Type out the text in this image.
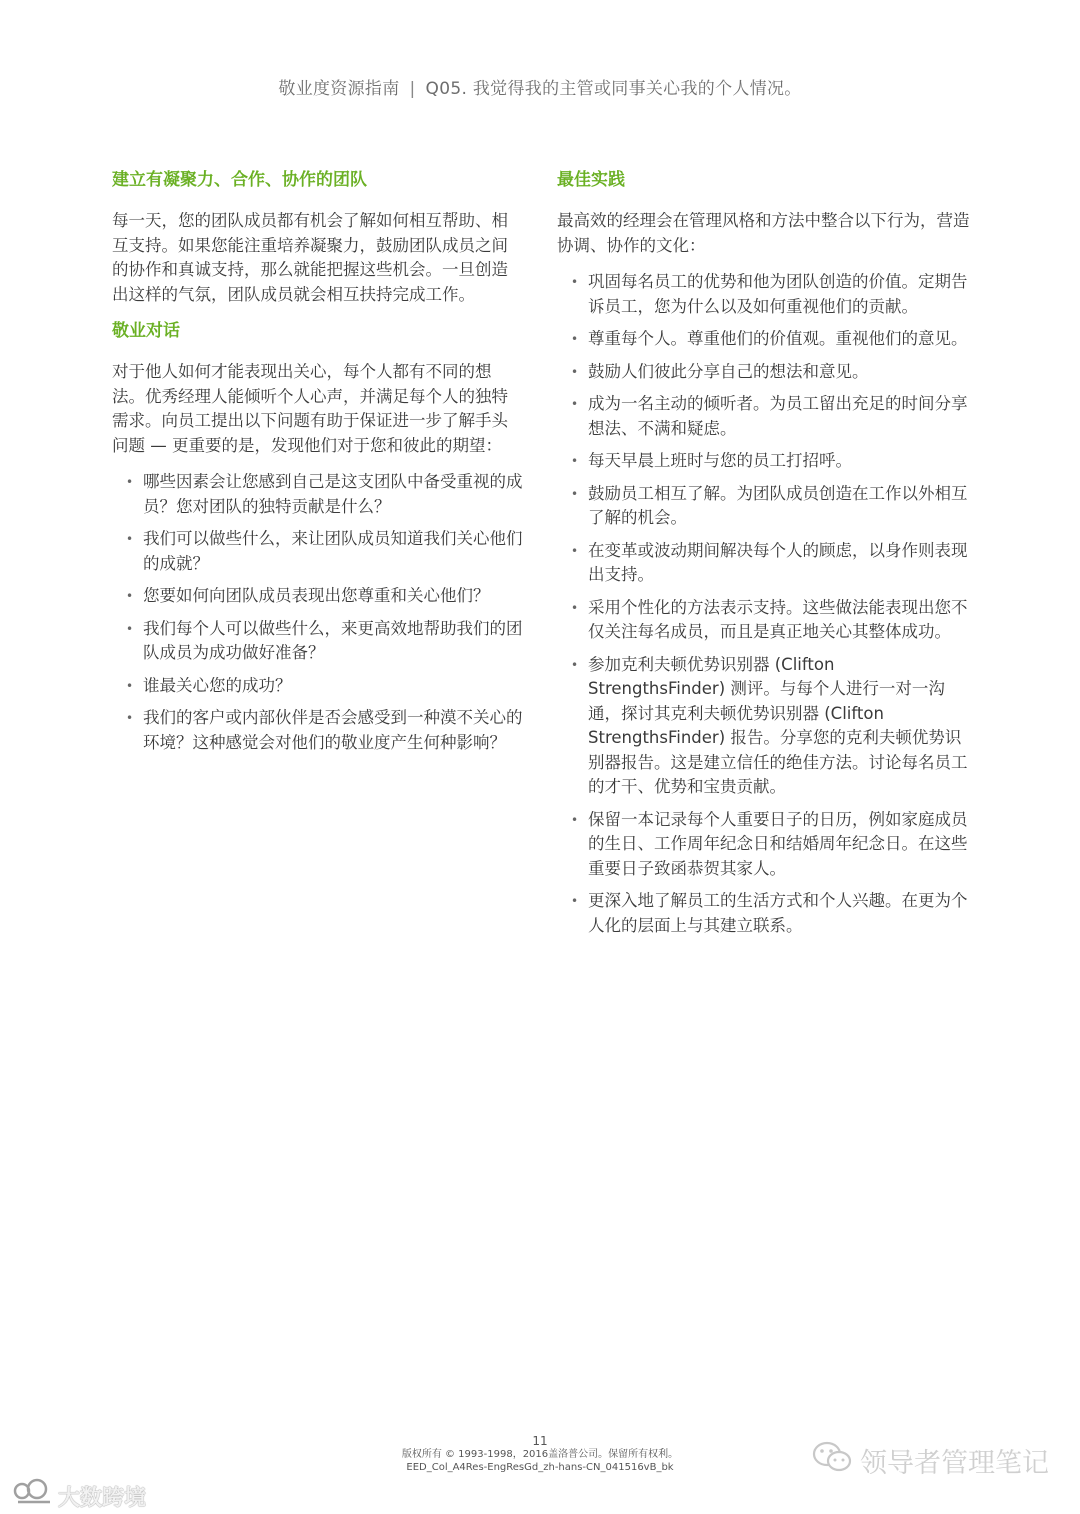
敬业度资源指南 | Q05. 我觉得我的主管或同事关心我的个人情况。
建立有凝聚力、合作、协作的团队
每一天，您的团队成员都有机会了解如何相互帮助、相互支持。如果您能注重培养凝聚力，鼓励团队成员之间的协作和真诚支持，那么就能把握这些机会。一旦创造出这样的气氛，团队成员就会相互扶持完成工作。
敬业对话
对于他人如何才能表现出关心，每个人都有不同的想法。优秀经理人能倾听个人心声，并满足每个人的独特需求。向员工提出以下问题有助于保证进一步了解手头问题 — 更重要的是，发现他们对于您和彼此的期望：
• 哪些因素会让您感到自己是这支团队中备受重视的成员？您对团队的独特贡献是什么？
• 我们可以做些什么，来让团队成员知道我们关心他们的成就？
• 您要如何向团队成员表现出您尊重和关心他们？
• 我们每个人可以做些什么，来更高效地帮助我们的团队成员为成功做好准备？
• 谁最关心您的成功？
• 我们的客户或内部伙伴是否会感受到一种漠不关心的环境？这种感觉会对他们的敬业度产生何种影响？
最佳实践
最高效的经理会在管理风格和方法中整合以下行为，营造协调、协作的文化：
• 巩固每名员工的优势和他为团队创造的价值。定期告诉员工，您为什么以及如何重视他们的贡献。
• 尊重每个人。尊重他们的价值观。重视他们的意见。
• 鼓励人们彼此分享自己的想法和意见。
• 成为一名主动的倾听者。为员工留出充足的时间分享想法、不满和疑虑。
• 每天早晨上班时与您的员工打招呼。
• 鼓励员工相互了解。为团队成员创造在工作以外相互了解的机会。
• 在变革或波动期间解决每个人的顾虑，以身作则表现出支持。
• 采用个性化的方法表示支持。这些做法能表现出您不仅关注每名成员，而且是真正地关心其整体成功。
• 参加克利夫顿优势识别器 (Clifton StrengthsFinder) 测评。与每个人进行一对一沟通，探讨其克利夫顿优势识别器 (Clifton StrengthsFinder) 报告。分享您的克利夫顿优势识别器报告。这是建立信任的绝佳方法。讨论每名员工的才干、优势和宝贵贡献。
• 保留一本记录每个人重要日子的日历，例如家庭成员的生日、工作周年纪念日和结婚周年纪念日。在这些重要日子致函恭贺其家人。
• 更深入地了解员工的生活方式和个人兴趣。在更为个人化的层面上与其建立联系。
11
版权所有 © 1993-1998，2016盖洛普公司。保留所有权利。
EED_Col_A4Res-EngResGd_zh-hans-CN_041516vB_bk
大数跨境
领导者管理笔记
